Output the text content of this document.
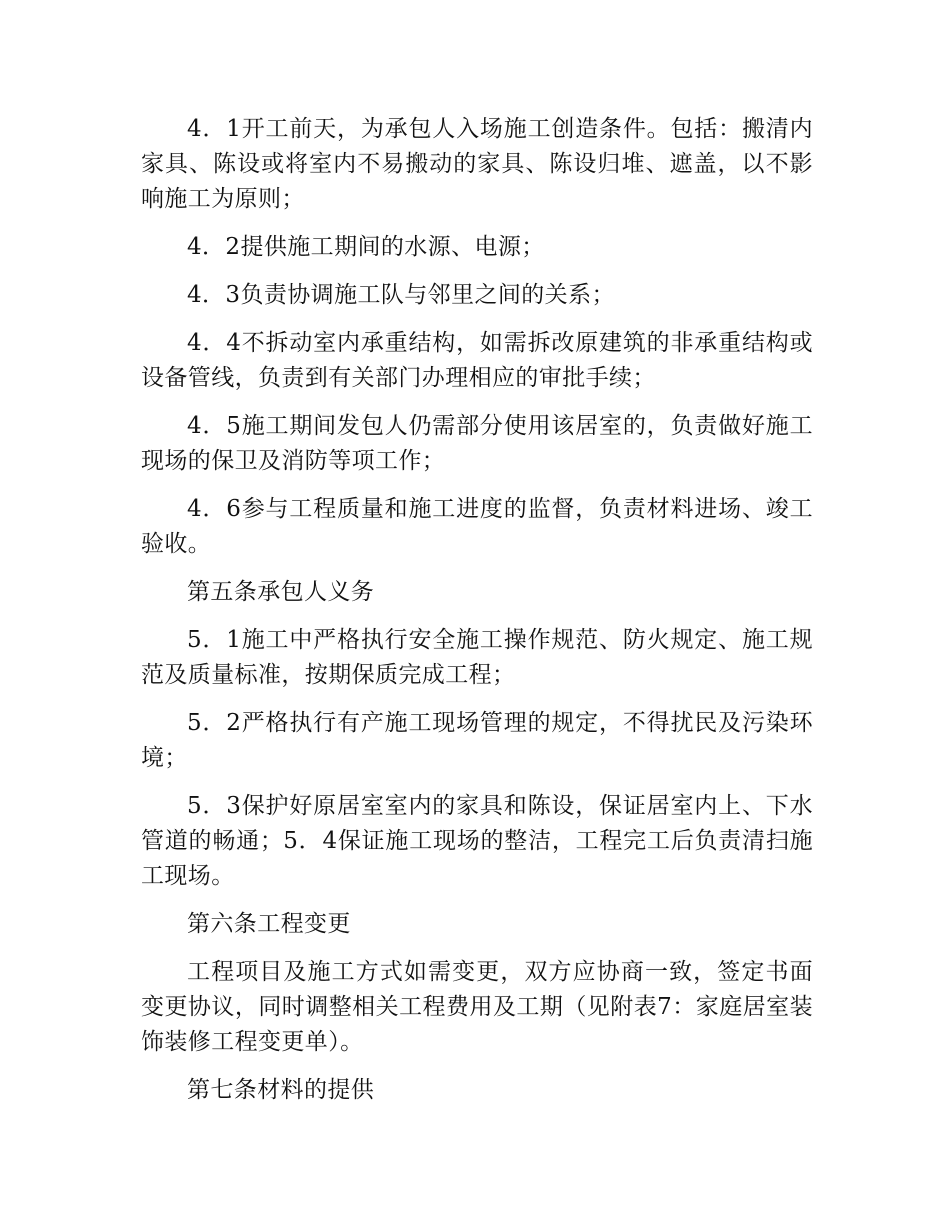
4．1开工前天，为承包人入场施工创造条件。包括：搬清内家具、陈设或将室内不易搬动的家具、陈设归堆、遮盖，以不影响施工为原则；

4．2提供施工期间的水源、电源；

4．3负责协调施工队与邻里之间的关系；

4．4不拆动室内承重结构，如需拆改原建筑的非承重结构或设备管线，负责到有关部门办理相应的审批手续；

4．5施工期间发包人仍需部分使用该居室的，负责做好施工现场的保卫及消防等项工作；

4．6参与工程质量和施工进度的监督，负责材料进场、竣工验收。

第五条承包人义务

5．1施工中严格执行安全施工操作规范、防火规定、施工规范及质量标准，按期保质完成工程；

5．2严格执行有产施工现场管理的规定，不得扰民及污染环境；

5．3保护好原居室室内的家具和陈设，保证居室内上、下水管道的畅通；5．4保证施工现场的整洁，工程完工后负责清扫施工现场。

第六条工程变更

工程项目及施工方式如需变更，双方应协商一致，签定书面变更协议，同时调整相关工程费用及工期（见附表7：家庭居室装饰装修工程变更单）。

第七条材料的提供
